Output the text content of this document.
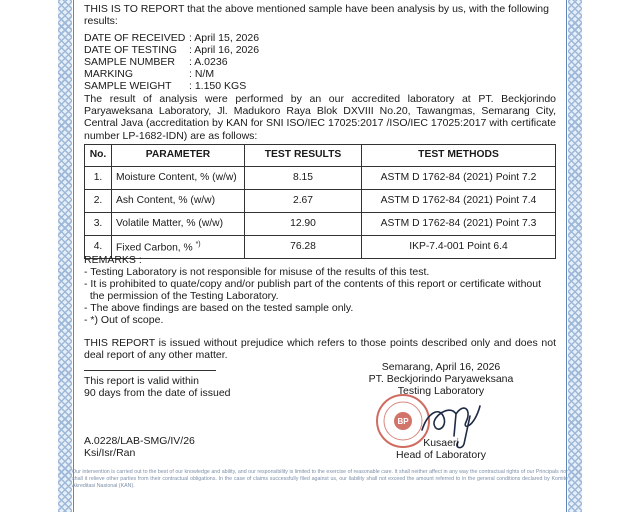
THIS IS TO REPORT that the above mentioned sample have been analysis by us, with the following results:
DATE OF RECEIVED : April 15, 2026
DATE OF TESTING : April 16, 2026
SAMPLE NUMBER : A.0236
MARKING	: N/M
SAMPLE WEIGHT : 1.150 KGS
The result of analysis were performed by an our accredited laboratory at PT. Beckjorindo Paryaweksana Laboratory, Jl. Madukoro Raya Blok DXVIII No.20, Tawangmas, Semarang City, Central Java (accreditation by KAN for SNI ISO/IEC 17025:2017 /ISO/IEC 17025:2017 with certificate number LP-1682-IDN) are as follows:
No.	PARAMETER	TEST RESULTS	TEST METHODS
1.	Moisture Content, % (w/w)	8.15	ASTM D 1762-84 (2021) Point 7.2
2.	Ash Content, % (w/w)	2.67	ASTM D 1762-84 (2021) Point 7.4
3.	Volatile Matter, % (w/w)	12.90	ASTM D 1762-84 (2021) Point 7.3
4.	Fixed Carbon, % *)	76.28	IKP-7.4-001 Point 6.4
REMARKS :
- Testing Laboratory is not responsible for misuse of the results of this test.
- It is prohibited to quate/copy and/or publish part of the contents of this report or certificate without
the permission of the Testing Laboratory.
- The above findings are based on the tested sample only.
- *) Out of scope.
THIS REPORT is issued without prejudice which refers to those points described only and does not deal report of any other matter.
This report is valid within
90 days from the date of issued
Semarang, April 16, 2026
PT. Beckjorindo Paryaweksana
Testing Laboratory
BP
Kusaeri
Head of Laboratory
A.0228/LAB-SMG/IV/26
Ksi/Isr/Ran
Our intervention is carried out to the best of our knowledge and ability, and our responsibility is limited to the exercise of reasonable care. It shall neither affect in any way the contractual rights of our Principals nor shall it relieve other parties from their contractual obligations. In the case of claims successfully filed against us, our liability shall not exceed the amount referred to in the general conditions declared by Komite Akreditasi Nasional (KAN).
